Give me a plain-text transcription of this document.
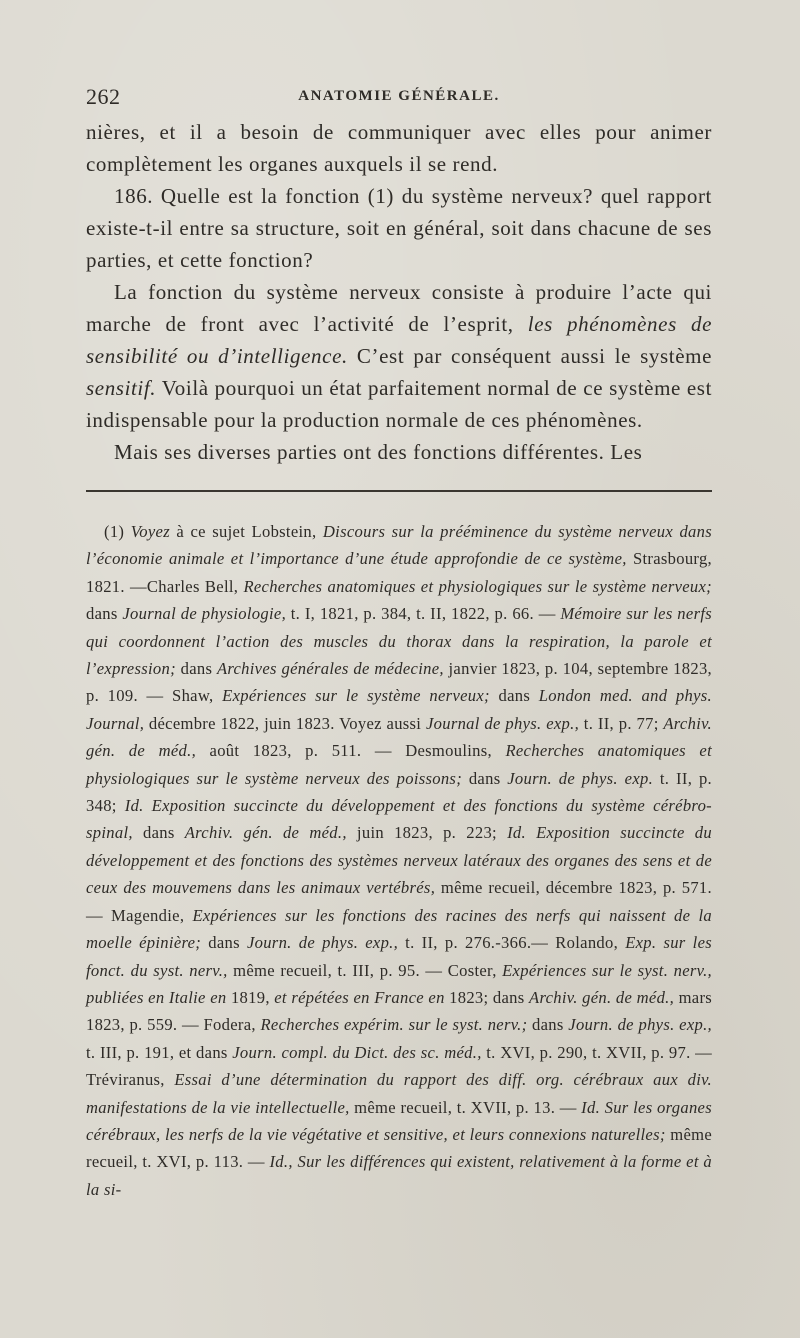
262	ANATOMIE GÉNÉRALE.

nières, et il a besoin de communiquer avec elles pour animer complètement les organes auxquels il se rend.

186. Quelle est la fonction (1) du système nerveux? quel rapport existe-t-il entre sa structure, soit en général, soit dans chacune de ses parties, et cette fonction?

La fonction du système nerveux consiste à produire l’acte qui marche de front avec l’activité de l’esprit, les phénomènes de sensibilité ou d’intelligence. C’est par conséquent aussi le système sensitif. Voilà pourquoi un état parfaitement normal de ce système est indispensable pour la production normale de ces phénomènes.

Mais ses diverses parties ont des fonctions différentes. Les

(1) Voyez à ce sujet Lobstein, Discours sur la prééminence du système nerveux dans l’économie animale et l’importance d’une étude approfondie de ce système, Strasbourg, 1821. —Charles Bell, Recherches anatomiques et physiologiques sur le système nerveux; dans Journal de physiologie, t. I, 1821, p. 384, t. II, 1822, p. 66. — Mémoire sur les nerfs qui coordonnent l’action des muscles du thorax dans la respiration, la parole et l’expression; dans Archives générales de médecine, janvier 1823, p. 104, septembre 1823, p. 109. — Shaw, Expériences sur le système nerveux; dans London med. and phys. Journal, décembre 1822, juin 1823. Voyez aussi Journal de phys. exp., t. II, p. 77; Archiv. gén. de méd., août 1823, p. 511. — Desmoulins, Recherches anatomiques et physiologiques sur le système nerveux des poissons; dans Journ. de phys. exp. t. II, p. 348; Id. Exposition succincte du développement et des fonctions du système cérébro-spinal, dans Archiv. gén. de méd., juin 1823, p. 223; Id. Exposition succincte du développement et des fonctions des systèmes nerveux latéraux des organes des sens et de ceux des mouvemens dans les animaux vertébrés, même recueil, décembre 1823, p. 571. — Magendie, Expériences sur les fonctions des racines des nerfs qui naissent de la moelle épinière; dans Journ. de phys. exp., t. II, p. 276.-366.— Rolando, Exp. sur les fonct. du syst. nerv., même recueil, t. III, p. 95. — Coster, Expériences sur le syst. nerv., publiées en Italie en 1819, et répétées en France en 1823; dans Archiv. gén. de méd., mars 1823, p. 559. — Fodera, Recherches expérim. sur le syst. nerv.; dans Journ. de phys. exp., t. III, p. 191, et dans Journ. compl. du Dict. des sc. méd., t. XVI, p. 290, t. XVII, p. 97. — Tréviranus, Essai d’une détermination du rapport des diff. org. cérébraux aux div. manifestations de la vie intellectuelle, même recueil, t. XVII, p. 13. — Id. Sur les organes cérébraux, les nerfs de la vie végétative et sensitive, et leurs connexions naturelles; même recueil, t. XVI, p. 113. — Id., Sur les différences qui existent, relativement à la forme et à la si-
